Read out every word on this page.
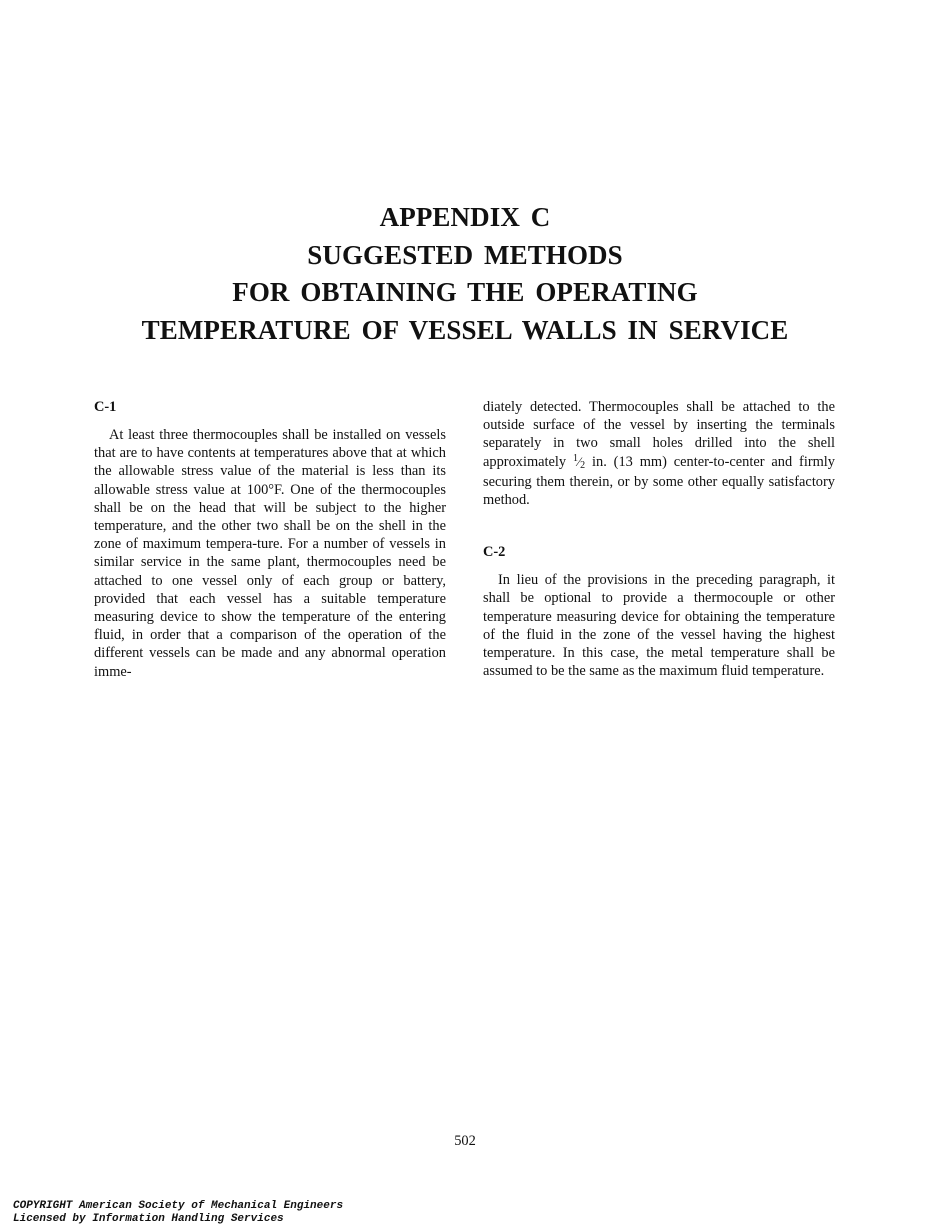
APPENDIX C
SUGGESTED METHODS
FOR OBTAINING THE OPERATING
TEMPERATURE OF VESSEL WALLS IN SERVICE
C-1

At least three thermocouples shall be installed on vessels that are to have contents at temperatures above that at which the allowable stress value of the material is less than its allowable stress value at 100°F. One of the thermocouples shall be on the head that will be subject to the higher temperature, and the other two shall be on the shell in the zone of maximum tempera-ture. For a number of vessels in similar service in the same plant, thermocouples need be attached to one vessel only of each group or battery, provided that each vessel has a suitable temperature measuring device to show the temperature of the entering fluid, in order that a comparison of the operation of the different vessels can be made and any abnormal operation imme-

diately detected. Thermocouples shall be attached to the outside surface of the vessel by inserting the terminals separately in two small holes drilled into the shell approximately 1⁄2 in. (13 mm) center-to-center and firmly securing them therein, or by some other equally satisfactory method.

C-2

In lieu of the provisions in the preceding paragraph, it shall be optional to provide a thermocouple or other temperature measuring device for obtaining the temperature of the fluid in the zone of the vessel having the highest temperature. In this case, the metal temperature shall be assumed to be the same as the maximum fluid temperature.

502
COPYRIGHT American Society of Mechanical Engineers
Licensed by Information Handling Services
